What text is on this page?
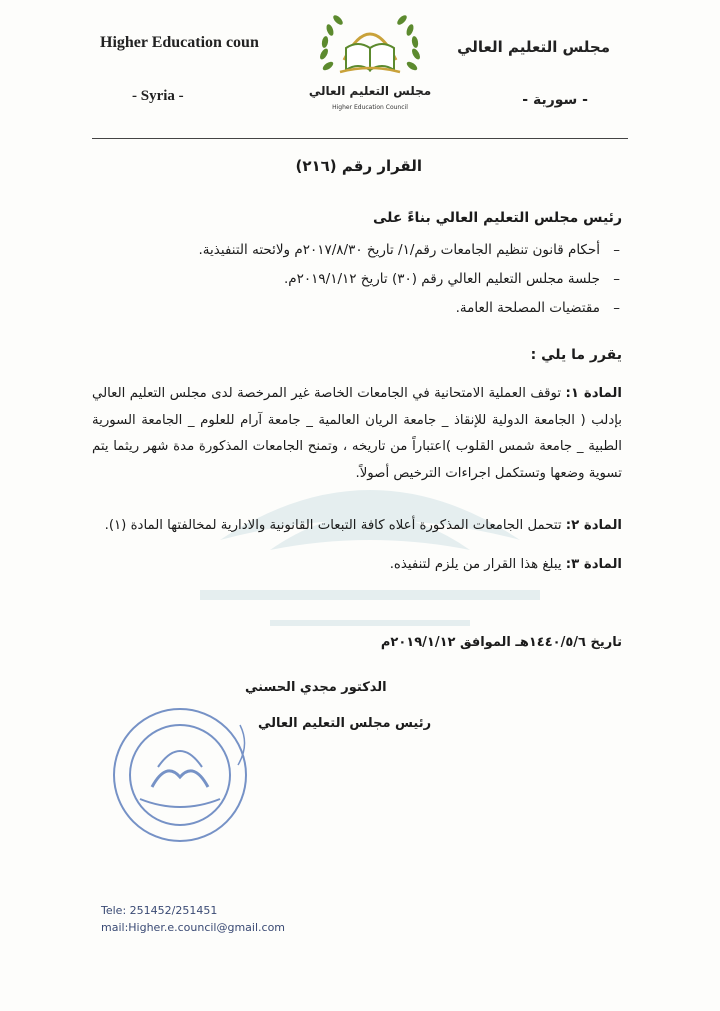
Higher Education coun
- Syria -
مجلس التعليم العالي
- سورية -
مجلس التعليم العالي
Higher Education Council
القرار رقم (٢١٦)
رئيس مجلس التعليم العالي بناءً على
–
أحكام قانون تنظيم الجامعات رقم/١/ تاريخ ٢٠١٧/٨/٣٠م ولائحته التنفيذية.
–
جلسة مجلس التعليم العالي رقم (٣٠) تاريخ ٢٠١٩/١/١٢م.
–
مقتضيات المصلحة العامة.
يقرر ما يلي :
المادة ١: توقف العملية الامتحانية في الجامعات الخاصة غير المرخصة لدى مجلس التعليم العالي بإدلب ( الجامعة الدولية للإنقاذ _ جامعة الريان العالمية _ جامعة آرام للعلوم _ الجامعة السورية الطبية _ جامعة شمس القلوب )اعتباراً من تاريخه ، وتمنح الجامعات المذكورة مدة شهر ريثما يتم تسوية وضعها وتستكمل اجراءات الترخيص أصولاً.
المادة ٢: تتحمل الجامعات المذكورة أعلاه كافة التبعات القانونية والادارية لمخالفتها المادة (١).
المادة ٣: يبلغ هذا القرار من يلزم لتنفيذه.
تاريخ ١٤٤٠/٥/٦هـ الموافق ٢٠١٩/١/١٢م
الدكتور مجدي الحسني
رئيس مجلس التعليم العالي
Tele: 251452/251451
mail:Higher.e.council@gmail.com
